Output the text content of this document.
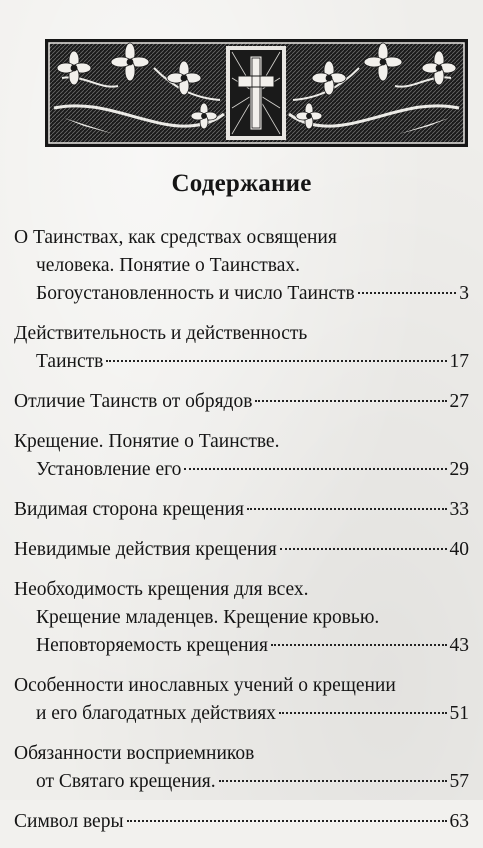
Содержание
О Таинствах, как средствах освящения
человека. Понятие о Таинствах.
Богоустановленность и число Таинств	3
Действительность и действенность
Таинств	17
Отличие Таинств от обрядов	27
Крещение. Понятие о Таинстве.
Установление его	29
Видимая сторона крещения	33
Невидимые действия крещения	40
Необходимость крещения для всех.
Крещение младенцев. Крещение кровью.
Неповторяемость крещения	43
Особенности инославных учений о крещении
и его благодатных действиях	51
Обязанности восприемников
от Святаго крещения.	57
Символ веры	63
